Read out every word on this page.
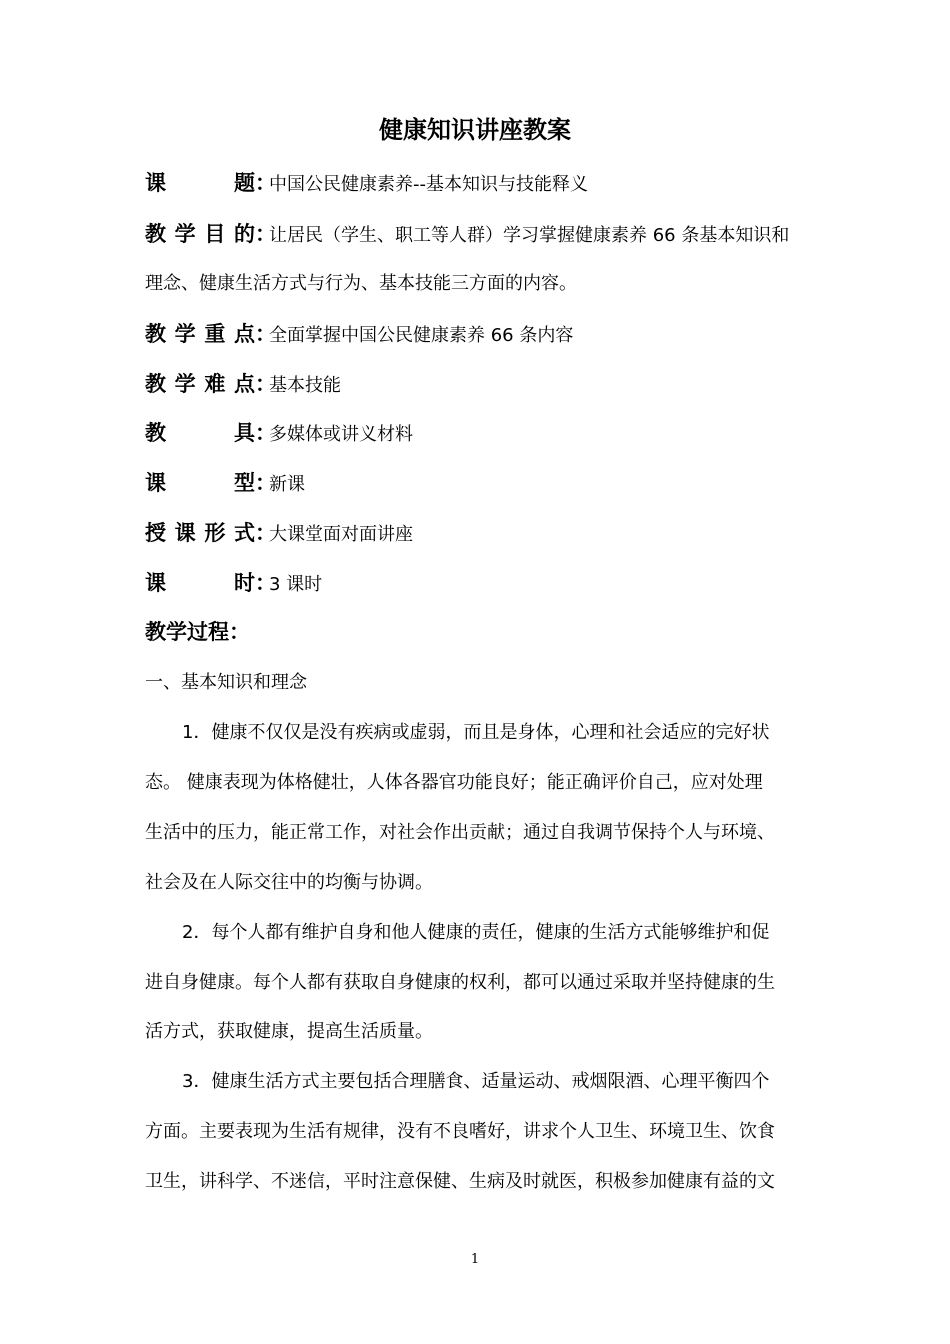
健康知识讲座教案
课题：中国公民健康素养--基本知识与技能释义
教学目的：让居民（学生、职工等人群）学习掌握健康素养 66 条基本知识和
理念、健康生活方式与行为、基本技能三方面的内容。
教学重点：全面掌握中国公民健康素养 66 条内容
教学难点：基本技能
教具：多媒体或讲义材料
课型：新课
授课形式：大课堂面对面讲座
课时：3 课时
教学过程：
一、基本知识和理念
1．健康不仅仅是没有疾病或虚弱，而且是身体，心理和社会适应的完好状
态。 健康表现为体格健壮，人体各器官功能良好；能正确评价自己，应对处理
生活中的压力，能正常工作，对社会作出贡献；通过自我调节保持个人与环境、
社会及在人际交往中的均衡与协调。
2．每个人都有维护自身和他人健康的责任，健康的生活方式能够维护和促
进自身健康。每个人都有获取自身健康的权利，都可以通过采取并坚持健康的生
活方式，获取健康，提高生活质量。
3．健康生活方式主要包括合理膳食、适量运动、戒烟限酒、心理平衡四个
方面。主要表现为生活有规律，没有不良嗜好，讲求个人卫生、环境卫生、饮食
卫生，讲科学、不迷信，平时注意保健、生病及时就医，积极参加健康有益的文
1
